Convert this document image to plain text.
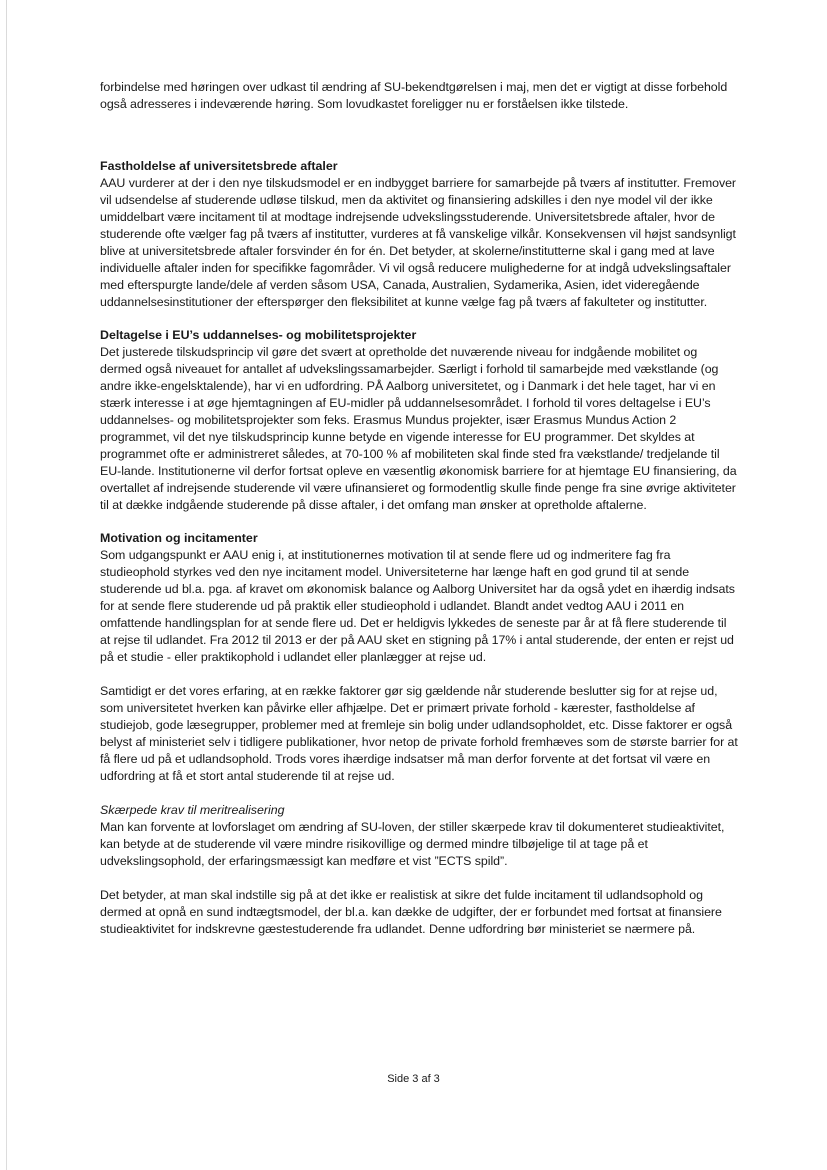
forbindelse med høringen over udkast til ændring af SU-bekendtgørelsen i maj, men det er vigtigt at disse forbehold også adresseres i indeværende høring. Som lovudkastet foreligger nu er forståelsen ikke tilstede.

Fastholdelse af universitetsbrede aftaler

AAU vurderer at der i den nye tilskudsmodel er en indbygget barriere for samarbejde på tværs af institutter. Fremover vil udsendelse af studerende udløse tilskud, men da aktivitet og finansiering adskilles i den nye model vil der ikke umiddelbart være incitament til at modtage indrejsende udvekslingsstuderende. Universitetsbrede aftaler, hvor de studerende ofte vælger fag på tværs af institutter, vurderes at få vanskelige vilkår. Konsekvensen vil højst sandsynligt blive at universitetsbrede aftaler forsvinder én for én. Det betyder, at skolerne/institutterne skal i gang med at lave individuelle aftaler inden for specifikke fagområder. Vi vil også reducere mulighederne for at indgå udvekslingsaftaler med efterspurgte lande/dele af verden såsom USA, Canada, Australien, Sydamerika, Asien, idet videregående uddannelsesinstitutioner der efterspørger den fleksibilitet at kunne vælge fag på tværs af fakulteter og institutter.

Deltagelse i EU’s uddannelses- og mobilitetsprojekter

Det justerede tilskudsprincip vil gøre det svært at opretholde det nuværende niveau for indgående mobilitet og dermed også niveauet for antallet af udvekslingssamarbejder. Særligt i forhold til samarbejde med vækstlande (og andre ikke-engelsktalende), har vi en udfordring. PÅ Aalborg universitetet, og i Danmark i det hele taget, har vi en stærk interesse i at øge hjemtagningen af EU-midler på uddannelsesområdet. I forhold til vores deltagelse i EU’s uddannelses- og mobilitetsprojekter som feks. Erasmus Mundus projekter, især Erasmus Mundus Action 2 programmet, vil det nye tilskudsprincip kunne betyde en vigende interesse for EU programmer. Det skyldes at programmet ofte er administreret således, at 70-100 % af mobiliteten skal finde sted fra vækstlande/ tredjelande til EU-lande. Institutionerne vil derfor fortsat opleve en væsentlig økonomisk barriere for at hjemtage EU finansiering, da overtallet af indrejsende studerende vil være ufinansieret og formodentlig skulle finde penge fra sine øvrige aktiviteter til at dække indgående studerende på disse aftaler, i det omfang man ønsker at opretholde aftalerne.

Motivation og incitamenter

Som udgangspunkt er AAU enig i, at institutionernes motivation til at sende flere ud og indmeritere fag fra studieophold styrkes ved den nye incitament model. Universiteterne har længe haft en god grund til at sende studerende ud bl.a. pga. af kravet om økonomisk balance og Aalborg Universitet har da også ydet en ihærdig indsats for at sende flere studerende ud på praktik eller studieophold i udlandet. Blandt andet vedtog AAU i 2011 en omfattende handlingsplan for at sende flere ud. Det er heldigvis lykkedes de seneste par år at få flere studerende til at rejse til udlandet. Fra 2012 til 2013 er der på AAU sket en stigning på 17% i antal studerende, der enten er rejst ud på et studie - eller praktikophold i udlandet eller planlægger at rejse ud.

Samtidigt er det vores erfaring, at en række faktorer gør sig gældende når studerende beslutter sig for at rejse ud, som universitetet hverken kan påvirke eller afhjælpe. Det er primært private forhold - kærester, fastholdelse af studiejob, gode læsegrupper, problemer med at fremleje sin bolig under udlandsopholdet, etc. Disse faktorer er også belyst af ministeriet selv i tidligere publikationer, hvor netop de private forhold fremhæves som de største barrier for at få flere ud på et udlandsophold. Trods vores ihærdige indsatser må man derfor forvente at det fortsat vil være en udfordring at få et stort antal studerende til at rejse ud.

Skærpede krav til meritrealisering

Man kan forvente at lovforslaget om ændring af SU-loven, der stiller skærpede krav til dokumenteret studieaktivitet, kan betyde at de studerende vil være mindre risikovillige og dermed mindre tilbøjelige til at tage på et udvekslingsophold, der erfaringsmæssigt kan medføre et vist ”ECTS spild”.

Det betyder, at man skal indstille sig på at det ikke er realistisk at sikre det fulde incitament til udlandsophold og dermed at opnå en sund indtægtsmodel, der bl.a. kan dække de udgifter, der er forbundet med fortsat at finansiere studieaktivitet for indskrevne gæstestuderende fra udlandet. Denne udfordring bør ministeriet se nærmere på.

Side 3 af 3
